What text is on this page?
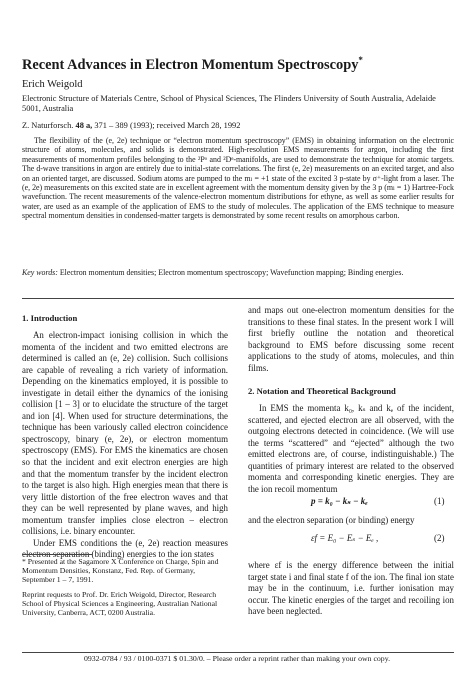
Recent Advances in Electron Momentum Spectroscopy*
Erich Weigold
Electronic Structure of Materials Centre, School of Physical Sciences, The Flinders University of South Australia, Adelaide 5001, Australia
Z. Naturforsch. 48 a, 371 – 389 (1993); received March 28, 1992

The flexibility of the (e, 2e) technique or “electron momentum spectroscopy” (EMS) in obtaining information on the electronic structure of atoms, molecules, and solids is demonstrated. High-resolution EMS measurements for argon, including the first measurements of momentum profiles belonging to the ²Pᵒ and ²Dᵉ-manifolds, are used to demonstrate the technique for atomic targets. The d-wave transitions in argon are entirely due to initial-state correlations. The first (e, 2e) measurements on an excited target, and also on an oriented target, are discussed. Sodium atoms are pumped to the mₗ = +1 state of the excited 3 p-state by σ⁺-light from a laser. The (e, 2e) measurements on this excited state are in excellent agreement with the momentum density given by the 3 p (mₗ = 1) Hartree-Fock wavefunction. The recent measurements of the valence-electron momentum distributions for ethyne, as well as some earlier results for water, are used as an example of the application of EMS to the study of molecules. The application of the EMS technique to measure spectral momentum densities in condensed-matter targets is demonstrated by some recent results on amorphous carbon.

Key words: Electron momentum densities; Electron momentum spectroscopy; Wavefunction mapping; Binding energies.
1. Introduction

An electron-impact ionising collision in which the momenta of the incident and two emitted electrons are determined is called an (e, 2e) collision. Such collisions are capable of revealing a rich variety of information. Depending on the kinematics employed, it is possible to investigate in detail either the dynamics of the ionising collision [1 – 3] or to elucidate the structure of the target and ion [4]. When used for structure determinations, the technique has been variously called electron coincidence spectroscopy, binary (e, 2e), or electron momentum spectroscopy (EMS). For EMS the kinematics are chosen so that the incident and exit electron energies are high and that the momentum transfer by the incident electron to the target is also high. High energies mean that there is very little distortion of the free electron waves and that they can be well represented by plane waves, and high momentum transfer implies close electron – electron collisions, i.e. binary encounter.

Under EMS conditions the (e, 2e) reaction measures electron separation (binding) energies to the ion states

* Presented at the Sagamore X Conference on Charge, Spin and Momentum Densities, Konstanz, Fed. Rep. of Germany, September 1 – 7, 1991.

Reprint requests to Prof. Dr. Erich Weigold, Director, Research School of Physical Sciences a Engineering, Australian National University, Canberra, ACT, 0200 Australia.

and maps out one-electron momentum densities for the transitions to these final states. In the present work I will first briefly outline the notation and theoretical background to EMS before discussing some recent applications to the study of atoms, molecules, and thin films.

2. Notation and Theoretical Background

In EMS the momenta k₀, kₛ and kₑ of the incident, scattered, and ejected electron are all observed, with the outgoing electrons detected in coincidence. (We will use the terms “scattered” and “ejected” although the two emitted electrons are, of course, indistinguishable.) The quantities of primary interest are related to the observed momenta and corresponding kinetic energies. They are the ion recoil momentum

p = k₀ − kₛ − kₑ	(1)

and the electron separation (or binding) energy

εf = E₀ − Eₛ − Eₑ ,	(2)

where εf is the energy difference between the initial target state i and final state f of the ion. The final ion state may be in the continuum, i.e. further ionisation may occur. The kinetic energies of the target and recoiling ion have been neglected.

0932-0784 / 93 / 0100-0371 $ 01.30/0. – Please order a reprint rather than making your own copy.
